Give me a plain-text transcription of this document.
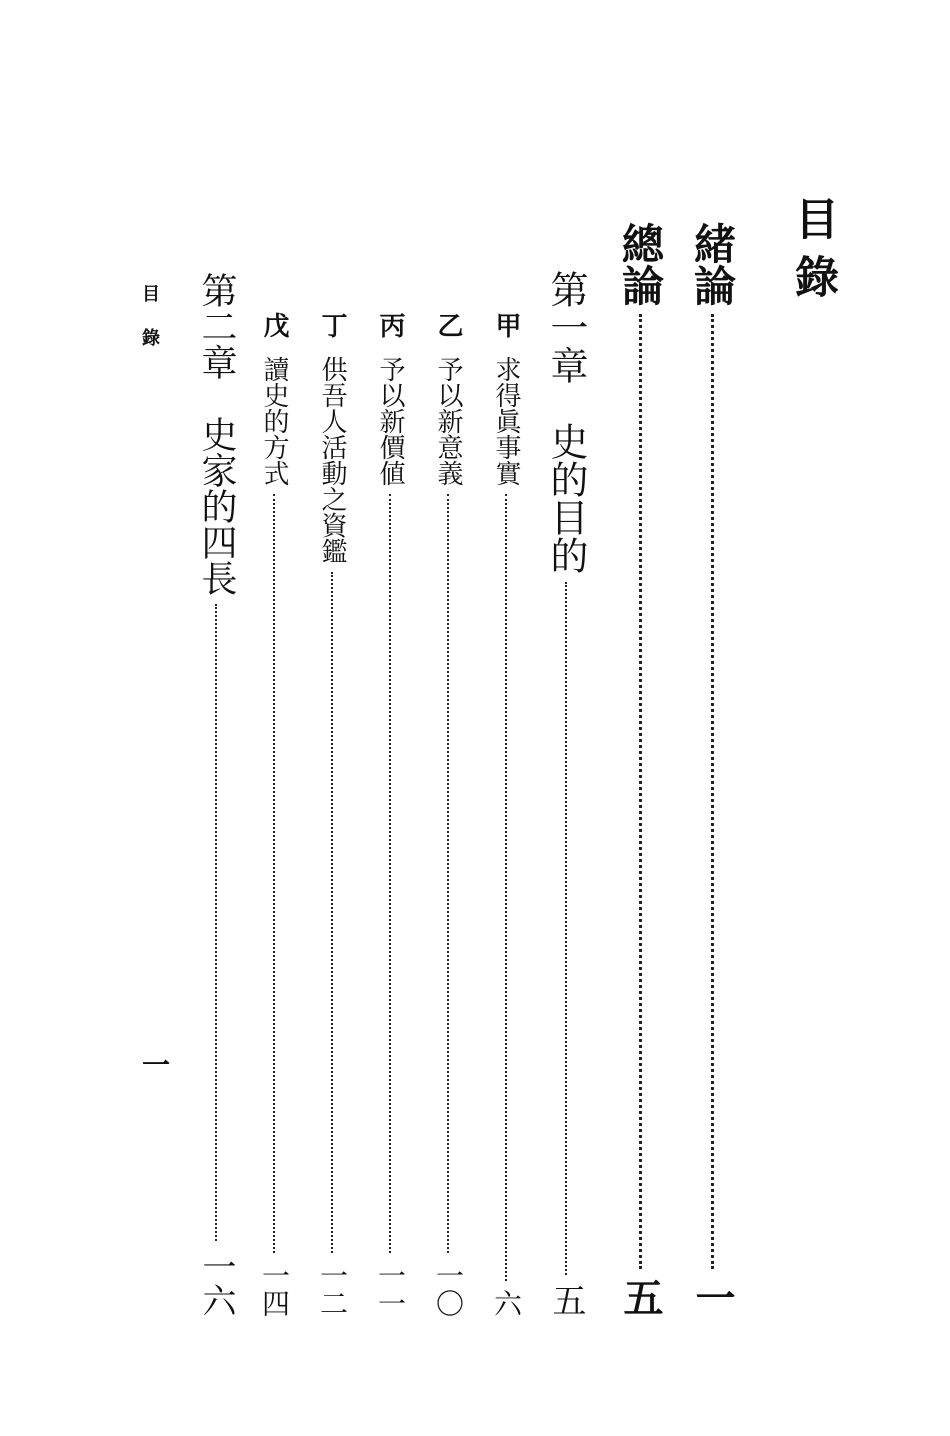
目錄
緒論
一
總論
五
第一章　史的目的
五
甲
求得眞事實
六
乙
予以新意義
一〇
丙
予以新價値
一一
丁
供吾人活動之資鑑
一二
戊
讀史的方式
一四
第二章　史家的四長
一六
目錄
一
